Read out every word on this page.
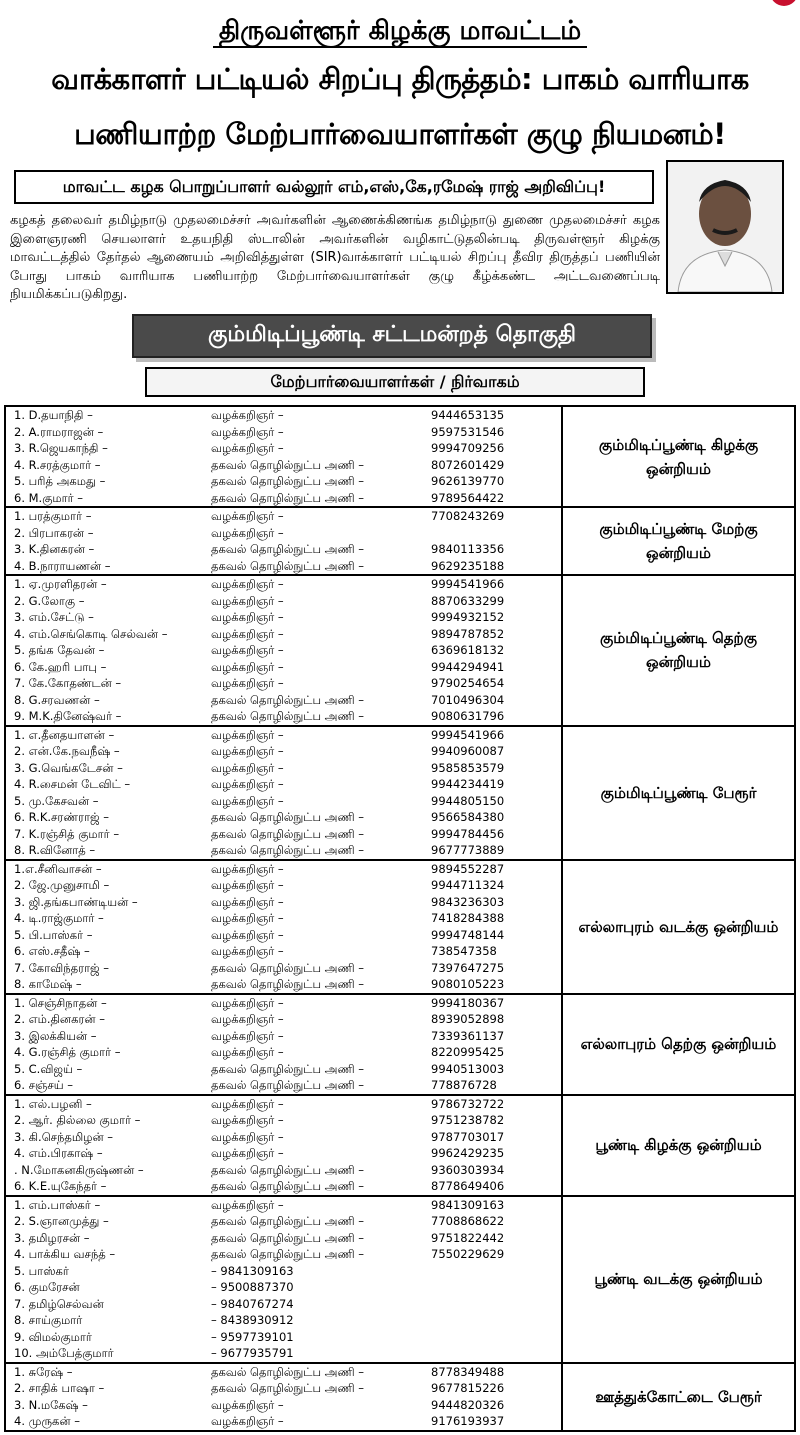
திருவள்ளூர் கிழக்கு மாவட்டம்
வாக்காளர் பட்டியல் சிறப்பு திருத்தம்: பாகம் வாரியாக
பணியாற்ற மேற்பார்வையாளர்கள் குழு நியமனம்!
மாவட்ட கழக பொறுப்பாளர் வல்லூர் எம்,எஸ்,கே,ரமேஷ் ராஜ் அறிவிப்பு!
கழகத் தலைவர் தமிழ்நாடு முதலமைச்சர் அவர்களின் ஆணைக்கிணங்க தமிழ்நாடு துணை முதலமைச்சர் கழக இளைஞரணி செயலாளர் உதயநிதி ஸ்டாலின் அவர்களின் வழிகாட்டுதலின்படி திருவள்ளூர் கிழக்கு மாவட்டத்தில் தேர்தல் ஆணையம் அறிவித்துள்ள (SIR)வாக்காளர் பட்டியல் சிறப்பு தீவிர திருத்தப் பணியின் போது பாகம் வாரியாக பணியாற்ற மேற்பார்வையாளர்கள் குழு கீழ்க்கண்ட அட்டவணைப்படி நியமிக்கப்படுகிறது.
கும்மிடிப்பூண்டி சட்டமன்றத் தொகுதி
மேற்பார்வையாளர்கள் / நிர்வாகம்
1. D.தயாநிதி –	வழக்கறிஞர் –	9444653135
2. A.ராமராஜன் –	வழக்கறிஞர் –	9597531546
3. R.ஜெயகாந்தி –	வழக்கறிஞர் –	9994709256
4. R.சரத்குமார் –	தகவல் தொழில்நுட்ப அணி –	8072601429
5. பரித் அகமது –	தகவல் தொழில்நுட்ப அணி –	9626139770
6. M.குமார் –	தகவல் தொழில்நுட்ப அணி –	9789564422
கும்மிடிப்பூண்டி கிழக்கு ஒன்றியம்
1. பரத்குமார் –	வழக்கறிஞர் –	7708243269
2. பிரபாகரன் –	வழக்கறிஞர் –
3. K.தினகரன் –	தகவல் தொழில்நுட்ப அணி –	9840113356
4. B.நாராயணன் –	தகவல் தொழில்நுட்ப அணி –	9629235188
கும்மிடிப்பூண்டி மேற்கு ஒன்றியம்
1. ஏ.முரளிதரன் –	வழக்கறிஞர் –	9994541966
2. G.லோகு –	வழக்கறிஞர் –	8870633299
3. எம்.சேட்டு –	வழக்கறிஞர் –	9994932152
4. எம்.செங்கொடி செல்வன் –	வழக்கறிஞர் –	9894787852
5. தங்க தேவன் –	வழக்கறிஞர் –	6369618132
6. கே.ஹரி பாபு –	வழக்கறிஞர் –	9944294941
7. கே.கோதண்டன் –	வழக்கறிஞர் –	9790254654
8. G.சரவணன் –	தகவல் தொழில்நுட்ப அணி –	7010496304
9. M.K.தினேஷ்வர் –	தகவல் தொழில்நுட்ப அணி –	9080631796
கும்மிடிப்பூண்டி தெற்கு ஒன்றியம்
1. எ.தீனதயாளன் –	வழக்கறிஞர் –	9994541966
2. என்.கே.நவநீஷ் –	வழக்கறிஞர் –	9940960087
3. G.வெங்கடேசன் –	வழக்கறிஞர் –	9585853579
4. R.சைமன் டேவிட் –	வழக்கறிஞர் –	9944234419
5. மு.கேசவன் –	வழக்கறிஞர் –	9944805150
6. R.K.சரண்ராஜ் –	தகவல் தொழில்நுட்ப அணி –	9566584380
7. K.ரஞ்சித் குமார் –	தகவல் தொழில்நுட்ப அணி –	9994784456
8. R.வினோத் –	தகவல் தொழில்நுட்ப அணி –	9677773889
கும்மிடிப்பூண்டி பேரூர்
1.எ.சீனிவாசன் –	வழக்கறிஞர் –	9894552287
2. ஜே.முனுசாமி –	வழக்கறிஞர் –	9944711324
3. ஜி.தங்கபாண்டியன் –	வழக்கறிஞர் –	9843236303
4. டி.ராஜ்குமார் –	வழக்கறிஞர் –	7418284388
5. பி.பாஸ்கர் –	வழக்கறிஞர் –	9994748144
6. எஸ்.சதீஷ் –	வழக்கறிஞர் –	738547358
7. கோவிந்தராஜ் –	தகவல் தொழில்நுட்ப அணி –	7397647275
8. காமேஷ் –	தகவல் தொழில்நுட்ப அணி –	9080105223
எல்லாபுரம் வடக்கு ஒன்றியம்
1. செஞ்சிநாதன் –	வழக்கறிஞர் –	9994180367
2. எம்.தினகரன் –	வழக்கறிஞர் –	8939052898
3. இலக்கியன் –	வழக்கறிஞர் –	7339361137
4. G.ரஞ்சித் குமார் –	வழக்கறிஞர் –	8220995425
5. C.விஜய் –	தகவல் தொழில்நுட்ப அணி –	9940513003
6. சஞ்சய் –	தகவல் தொழில்நுட்ப அணி –	778876728
எல்லாபுரம் தெற்கு ஒன்றியம்
1. எல்.பழனி –	வழக்கறிஞர் –	9786732722
2. ஆர். தில்லை குமார் –	வழக்கறிஞர் –	9751238782
3. கி.செந்தமிழன் –	வழக்கறிஞர் –	9787703017
4. எம்.பிரகாஷ் –	வழக்கறிஞர் –	9962429235
. N.மோகனகிருஷ்ணன் –	தகவல் தொழில்நுட்ப அணி –	9360303934
6. K.E.யுகேந்தர் –	தகவல் தொழில்நுட்ப அணி –	8778649406
பூண்டி கிழக்கு ஒன்றியம்
1. எம்.பாஸ்கர் –	வழக்கறிஞர் –	9841309163
2. S.ஞானமுத்து –	தகவல் தொழில்நுட்ப அணி –	7708868622
3. தமிழரசன் –	தகவல் தொழில்நுட்ப அணி –	9751822442
4. பாக்கிய வசந்த் –	தகவல் தொழில்நுட்ப அணி –	7550229629
5. பாஸ்கர்	– 9841309163
6. குமரேசன்	– 9500887370
7. தமிழ்செல்வன்	– 9840767274
8. சாய்குமார்	– 8438930912
9. விமல்குமார்	– 9597739101
10. அம்பேத்குமார்	– 9677935791
பூண்டி வடக்கு ஒன்றியம்
1. சுரேஷ் –	தகவல் தொழில்நுட்ப அணி –	8778349488
2. சாதிக் பாஷா –	தகவல் தொழில்நுட்ப அணி –	9677815226
3. N.மகேஷ் –	வழக்கறிஞர் –	9444820326
4. முருகன் –	வழக்கறிஞர் –	9176193937
ஊத்துக்கோட்டை பேரூர்
